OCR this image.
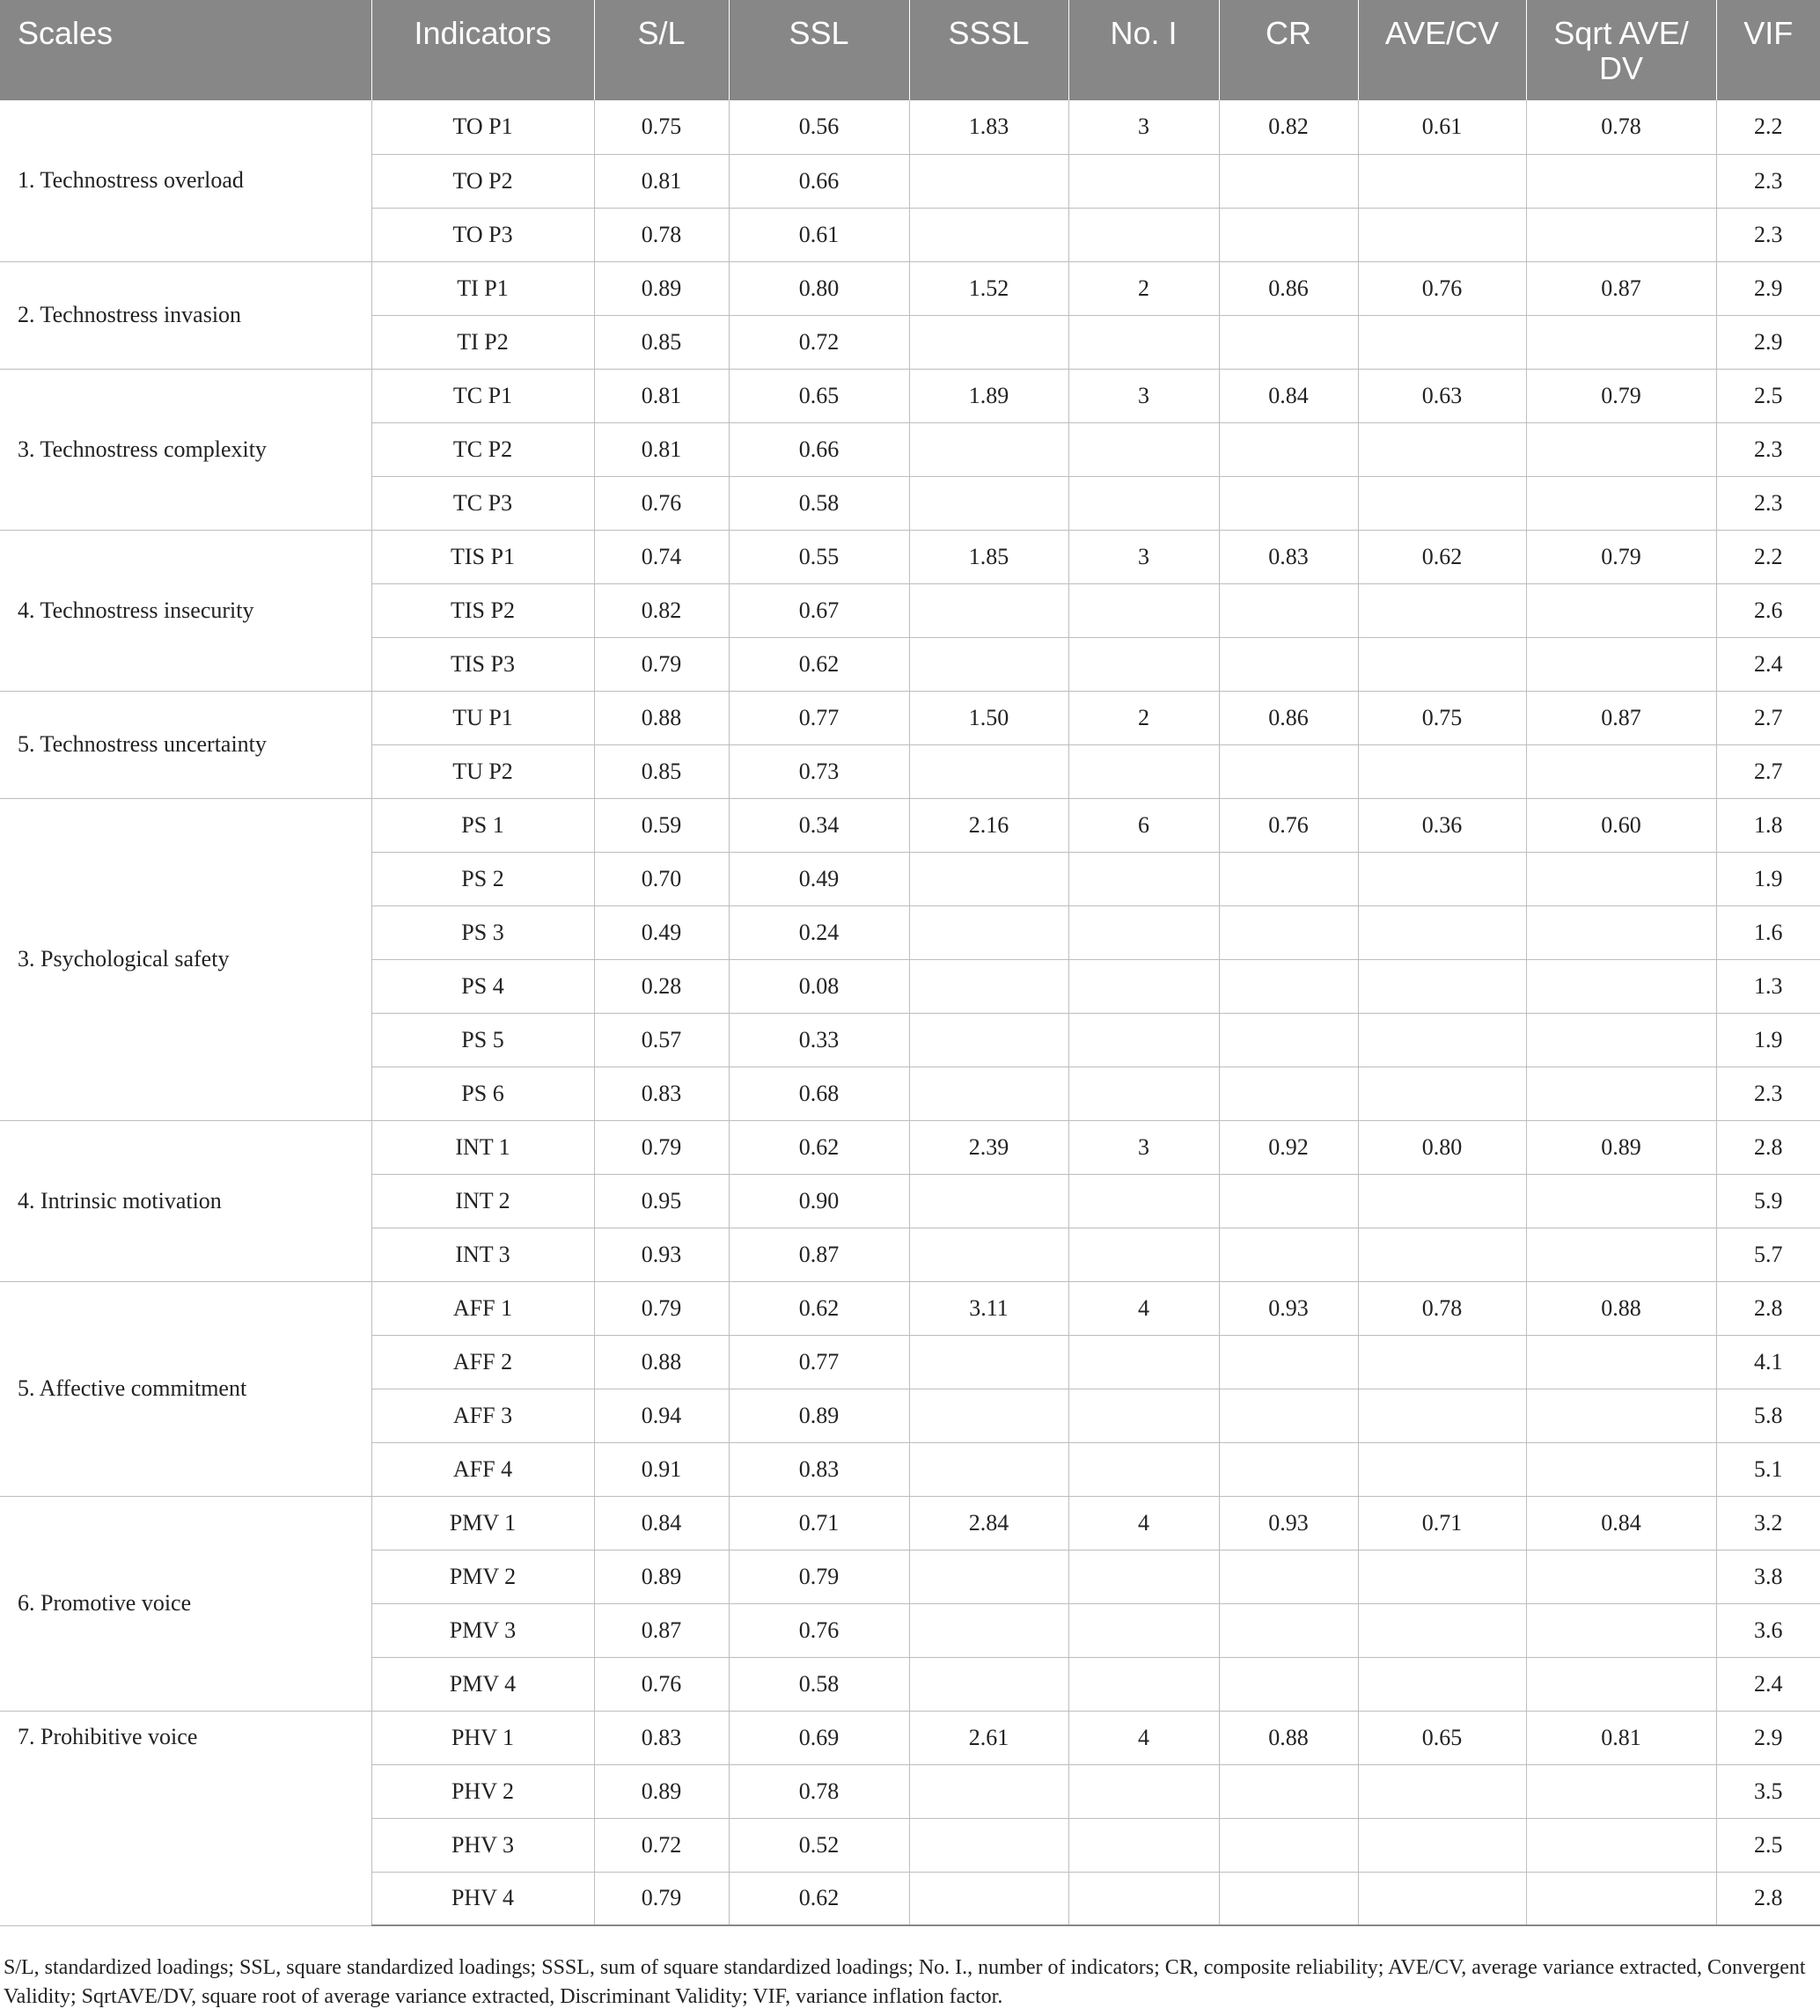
Scales	Indicators	S/L	SSL	SSSL	No. I	CR	AVE/CV	Sqrt AVE/ DV	VIF
1. Technostress overload	TO P1	0.75	0.56	1.83	3	0.82	0.61	0.78	2.2
	TO P2	0.81	0.66						2.3
	TO P3	0.78	0.61						2.3
2. Technostress invasion	TI P1	0.89	0.80	1.52	2	0.86	0.76	0.87	2.9
	TI P2	0.85	0.72						2.9
3. Technostress complexity	TC P1	0.81	0.65	1.89	3	0.84	0.63	0.79	2.5
	TC P2	0.81	0.66						2.3
	TC P3	0.76	0.58						2.3
4. Technostress insecurity	TIS P1	0.74	0.55	1.85	3	0.83	0.62	0.79	2.2
	TIS P2	0.82	0.67						2.6
	TIS P3	0.79	0.62						2.4
5. Technostress uncertainty	TU P1	0.88	0.77	1.50	2	0.86	0.75	0.87	2.7
	TU P2	0.85	0.73						2.7
3. Psychological safety	PS 1	0.59	0.34	2.16	6	0.76	0.36	0.60	1.8
	PS 2	0.70	0.49						1.9
	PS 3	0.49	0.24						1.6
	PS 4	0.28	0.08						1.3
	PS 5	0.57	0.33						1.9
	PS 6	0.83	0.68						2.3
4. Intrinsic motivation	INT 1	0.79	0.62	2.39	3	0.92	0.80	0.89	2.8
	INT 2	0.95	0.90						5.9
	INT 3	0.93	0.87						5.7
5. Affective commitment	AFF 1	0.79	0.62	3.11	4	0.93	0.78	0.88	2.8
	AFF 2	0.88	0.77						4.1
	AFF 3	0.94	0.89						5.8
	AFF 4	0.91	0.83						5.1
6. Promotive voice	PMV 1	0.84	0.71	2.84	4	0.93	0.71	0.84	3.2
	PMV 2	0.89	0.79						3.8
	PMV 3	0.87	0.76						3.6
	PMV 4	0.76	0.58						2.4
7. Prohibitive voice	PHV 1	0.83	0.69	2.61	4	0.88	0.65	0.81	2.9
	PHV 2	0.89	0.78						3.5
	PHV 3	0.72	0.52						2.5
	PHV 4	0.79	0.62						2.8
S/L, standardized loadings; SSL, square standardized loadings; SSSL, sum of square standardized loadings; No. I., number of indicators; CR, composite reliability; AVE/CV, average variance extracted, Convergent Validity; SqrtAVE/DV, square root of average variance extracted, Discriminant Validity; VIF, variance inflation factor.
